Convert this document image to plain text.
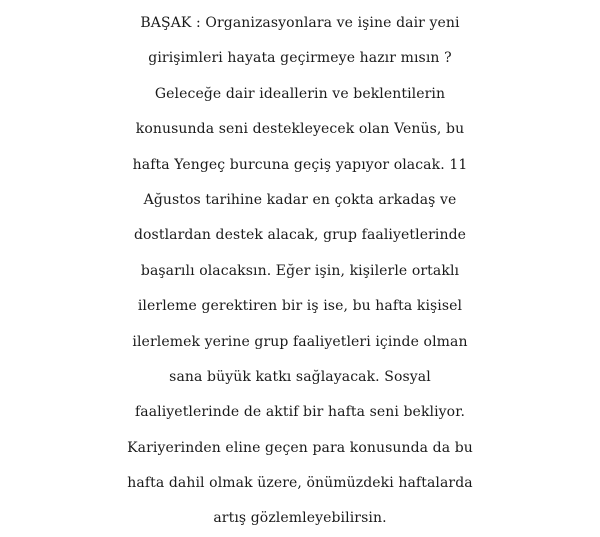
BAŞAK : Organizasyonlara ve işine dair yeni
girişimleri hayata geçirmeye hazır mısın ?
Geleceğe dair ideallerin ve beklentilerin
konusunda seni destekleyecek olan Venüs, bu
hafta Yengeç burcuna geçiş yapıyor olacak. 11
Ağustos tarihine kadar en çokta arkadaş ve
dostlardan destek alacak, grup faaliyetlerinde
başarılı olacaksın. Eğer işin, kişilerle ortaklı
ilerleme gerektiren bir iş ise, bu hafta kişisel
ilerlemek yerine grup faaliyetleri içinde olman
sana büyük katkı sağlayacak. Sosyal
faaliyetlerinde de aktif bir hafta seni bekliyor.
Kariyerinden eline geçen para konusunda da bu
hafta dahil olmak üzere, önümüzdeki haftalarda
artış gözlemleyebilirsin.
